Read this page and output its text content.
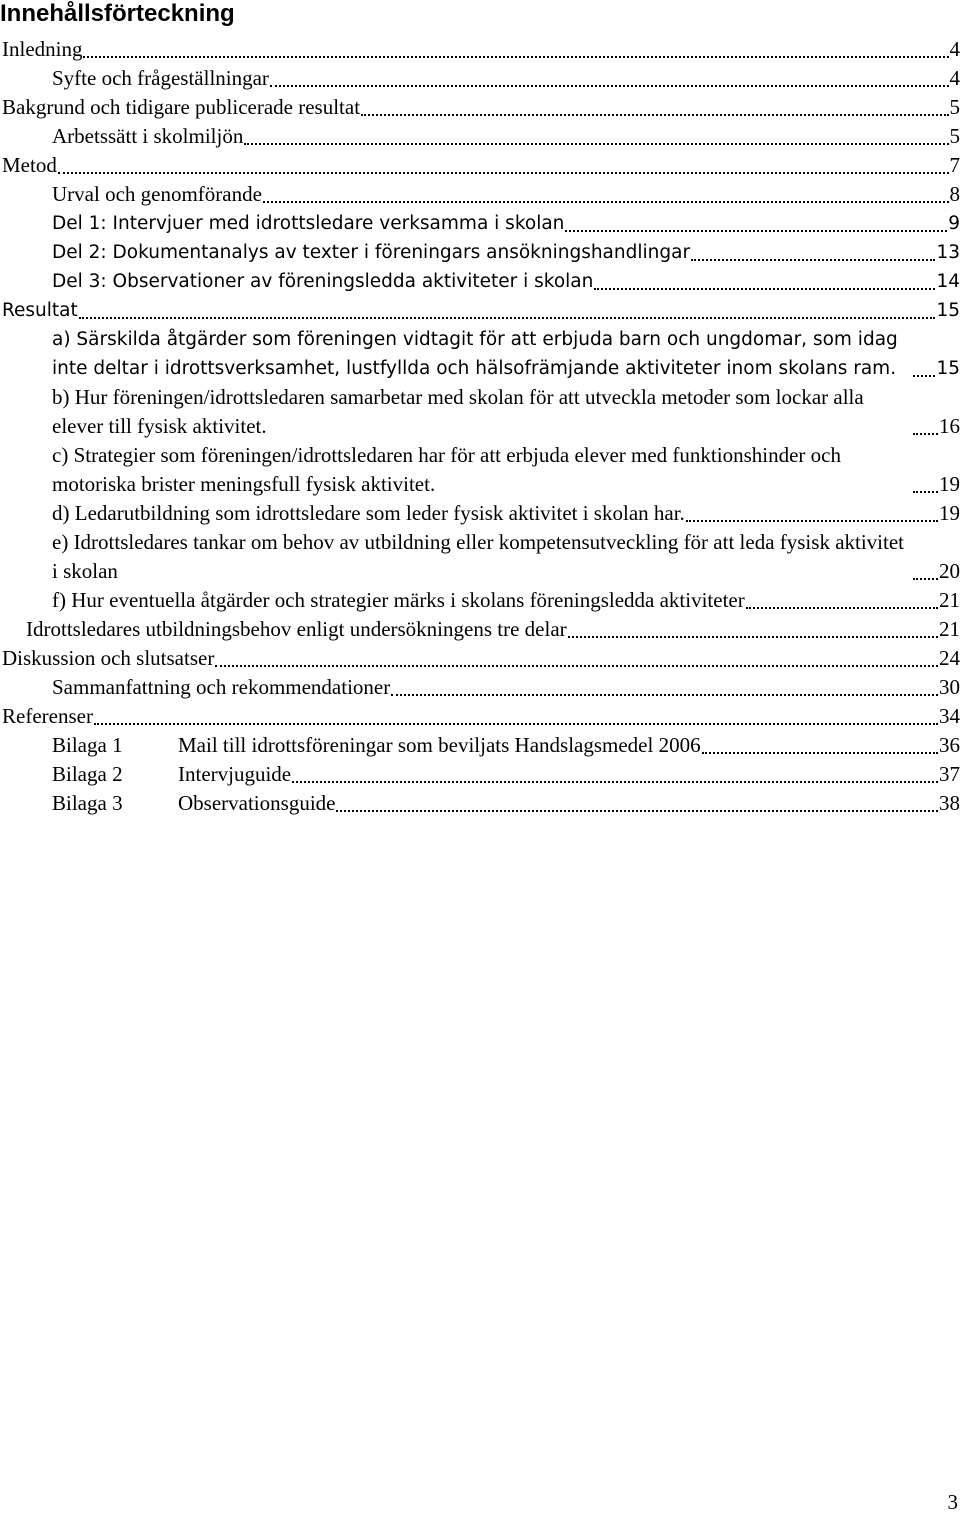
Innehållsförteckning
Inledning	4
Syfte och frågeställningar	4
Bakgrund och tidigare publicerade resultat	5
Arbetssätt i skolmiljön	5
Metod	7
Urval och genomförande	8
Del 1: Intervjuer med idrottsledare verksamma i skolan	9
Del 2: Dokumentanalys av texter i föreningars ansökningshandlingar	13
Del 3: Observationer av föreningsledda aktiviteter i skolan	14
Resultat	15
a) Särskilda åtgärder som föreningen vidtagit för att erbjuda barn och ungdomar, som idag inte deltar i idrottsverksamhet, lustfyllda och hälsofrämjande aktiviteter inom skolans ram.	15
b) Hur föreningen/idrottsledaren samarbetar med skolan för att utveckla metoder som lockar alla elever till fysisk aktivitet.	16
c) Strategier som föreningen/idrottsledaren har för att erbjuda elever med funktionshinder och motoriska brister meningsfull fysisk aktivitet.	19
d) Ledarutbildning som idrottsledare som leder fysisk aktivitet i skolan har.	19
e) Idrottsledares tankar om behov av utbildning eller kompetensutveckling för att leda fysisk aktivitet i skolan	20
f) Hur eventuella åtgärder och strategier märks i skolans föreningsledda aktiviteter	21
Idrottsledares utbildningsbehov enligt undersökningens tre delar	21
Diskussion och slutsatser	24
Sammanfattning och rekommendationer	30
Referenser	34
Bilaga 1	Mail till idrottsföreningar som beviljats Handslagsmedel 2006	36
Bilaga 2	Intervjuguide	37
Bilaga 3	Observationsguide	38
3
